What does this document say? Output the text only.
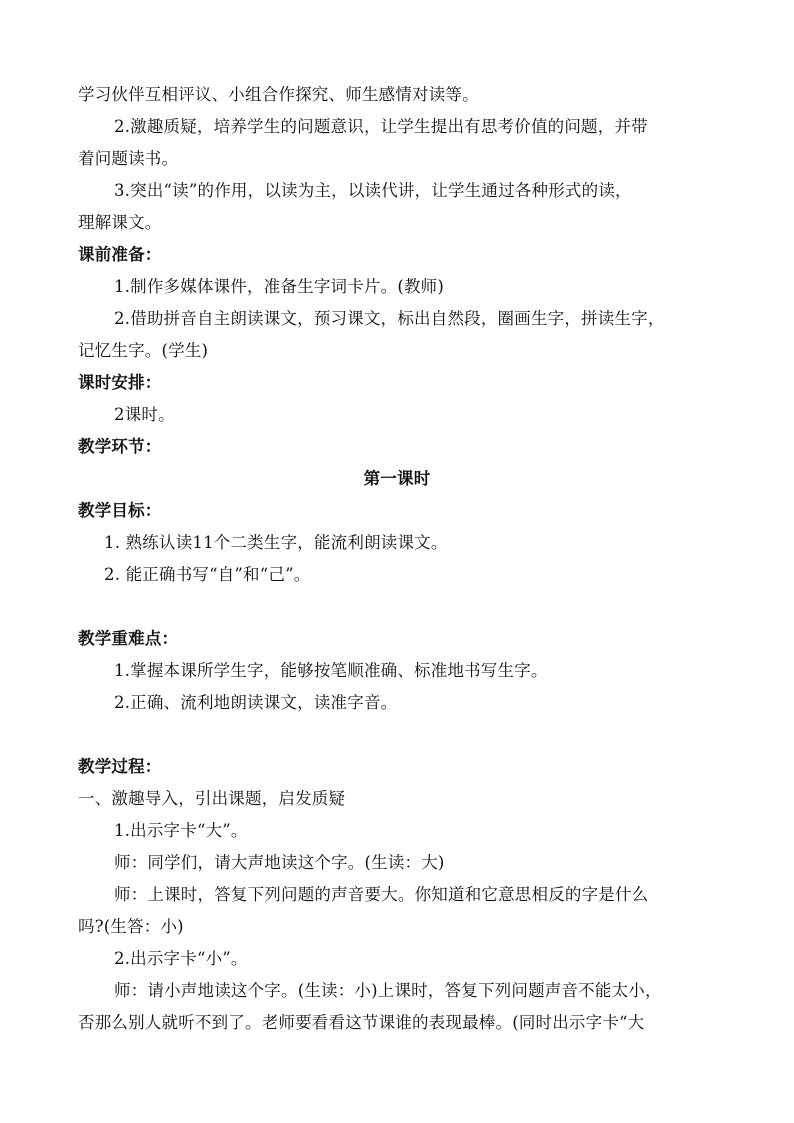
学习伙伴互相评议、小组合作探究、师生感情对读等。
2.激趣质疑，培养学生的问题意识，让学生提出有思考价值的问题，并带
着问题读书。
3.突出“读”的作用，以读为主，以读代讲，让学生通过各种形式的读，
理解课文。
课前准备：
1.制作多媒体课件，准备生字词卡片。(教师)
2.借助拼音自主朗读课文，预习课文，标出自然段，圈画生字，拼读生字，
记忆生字。(学生)
课时安排：
2课时。
教学环节：
第一课时
教学目标：
1. 熟练认读11个二类生字，能流利朗读课文。
2. 能正确书写“自”和“己”。
教学重难点：
1.掌握本课所学生字，能够按笔顺准确、标准地书写生字。
2.正确、流利地朗读课文，读准字音。
教学过程：
一、激趣导入，引出课题，启发质疑
1.出示字卡“大”。
师：同学们，请大声地读这个字。(生读：大)
师：上课时，答复下列问题的声音要大。你知道和它意思相反的字是什么
吗?(生答：小)
2.出示字卡“小”。
师：请小声地读这个字。(生读：小)上课时，答复下列问题声音不能太小，
否那么别人就听不到了。老师要看看这节课谁的表现最棒。(同时出示字卡“大
